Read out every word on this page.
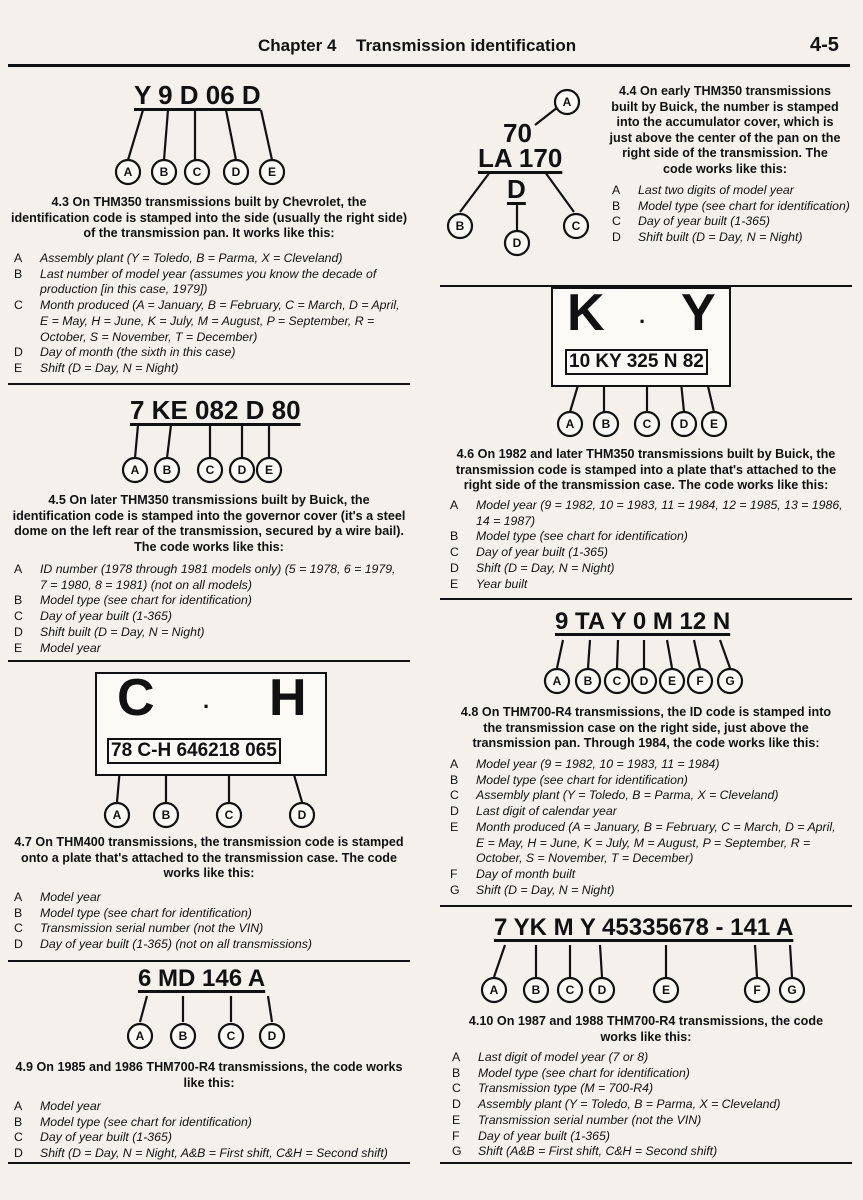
Chapter 4 Transmission identification	4-5
A B C	D E
A
B	C
D
A B	C D E
A B	C D E
A	B	C	D
A B C D E F G
A	B	C	D
A	B C D	E	F G
Y 9 D 06 D
4.3 On THM350 transmissions built by Chevrolet, the
identification code is stamped into the side (usually the right side)
of the transmission pan. It works like this:
A	Assembly plant (Y = Toledo, B = Parma, X = Cleveland)
B	Last number of model year (assumes you know the decade of production [in this case, 1979])
C	Month produced (A = January, B = February, C = March, D = April, E = May, H = June, K = July, M = August, P = September, R = October, S = November, T = December)
D	Day of month (the sixth in this case)
E	Shift (D = Day, N = Night)
70
LA 170
D
4.4 On early THM350 transmissions
built by Buick, the number is stamped
into the accumulator cover, which is
just above the center of the pan on the
right side of the transmission. The
code works like this:
A	Last two digits of model year
B	Model type (see chart for identification)
C	Day of year built (1-365)
D	Shift built (D = Day, N = Night)
7 KE 082 D 80
4.5 On later THM350 transmissions built by Buick, the
identification code is stamped into the governor cover (it's a steel
dome on the left rear of the transmission, secured by a wire bail).
The code works like this:
A	ID number (1978 through 1981 models only) (5 = 1978, 6 = 1979, 7 = 1980, 8 = 1981) (not on all models)
B	Model type (see chart for identification)
C	Day of year built (1-365)
D	Shift built (D = Day, N = Night)
E	Model year
K · Y
10 KY 325 N 82
4.6 On 1982 and later THM350 transmissions built by Buick, the
transmission code is stamped into a plate that's attached to the
right side of the transmission case. The code works like this:
A	Model year (9 = 1982, 10 = 1983, 11 = 1984, 12 = 1985, 13 = 1986, 14 = 1987)
B	Model type (see chart for identification)
C	Day of year built (1-365)
D	Shift (D = Day, N = Night)
E	Year built
C · H
78 C-H 646218 065
4.7 On THM400 transmissions, the transmission code is stamped
onto a plate that's attached to the transmission case. The code
works like this:
A	Model year
B	Model type (see chart for identification)
C	Transmission serial number (not the VIN)
D	Day of year built (1-365) (not on all transmissions)
9 TA Y 0 M 12 N
4.8 On THM700-R4 transmissions, the ID code is stamped into
the transmission case on the right side, just above the
transmission pan. Through 1984, the code works like this:
A	Model year (9 = 1982, 10 = 1983, 11 = 1984)
B	Model type (see chart for identification)
C	Assembly plant (Y = Toledo, B = Parma, X = Cleveland)
D	Last digit of calendar year
E	Month produced (A = January, B = February, C = March, D = April, E = May, H = June, K = July, M = August, P = September, R = October, S = November, T = December)
F	Day of month built
G	Shift (D = Day, N = Night)
6 MD 146 A
4.9 On 1985 and 1986 THM700-R4 transmissions, the code works
like this:
A	Model year
B	Model type (see chart for identification)
C	Day of year built (1-365)
D	Shift (D = Day, N = Night, A&B = First shift, C&H = Second shift)
7 YK M Y 45335678 - 141 A
4.10 On 1987 and 1988 THM700-R4 transmissions, the code
works like this:
A	Last digit of model year (7 or 8)
B	Model type (see chart for identification)
C	Transmission type (M = 700-R4)
D	Assembly plant (Y = Toledo, B = Parma, X = Cleveland)
E	Transmission serial number (not the VIN)
F	Day of year built (1-365)
G	Shift (A&B = First shift, C&H = Second shift)
